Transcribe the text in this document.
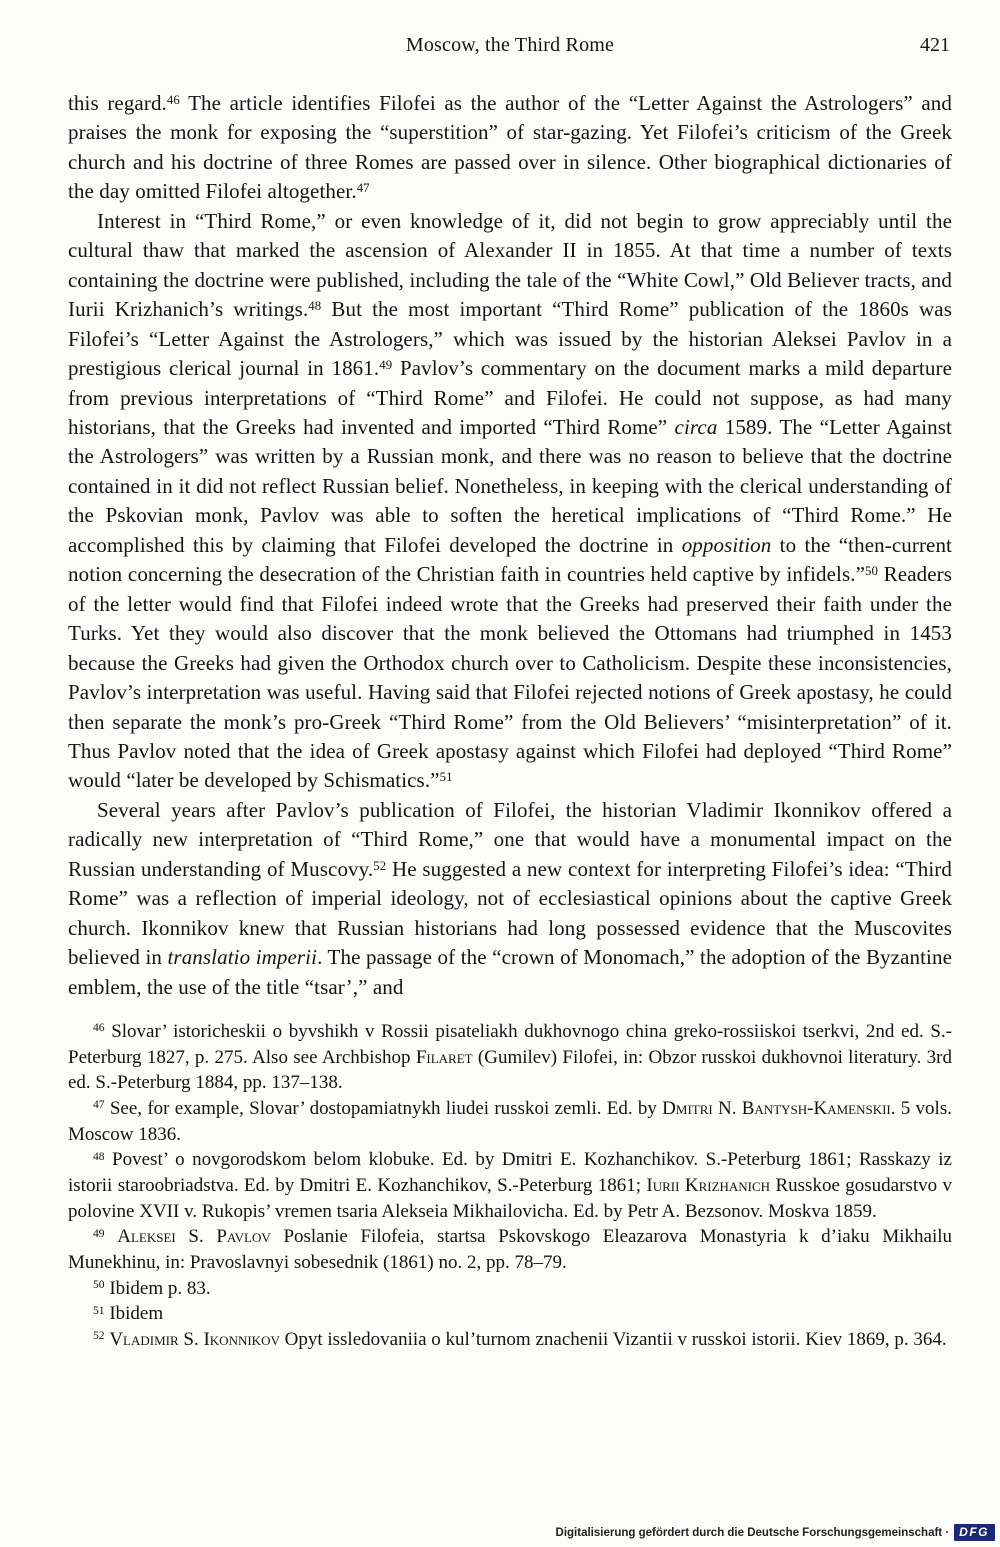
Moscow, the Third Rome	421

this regard.$^{46}$ The article identifies Filofei as the author of the “Letter Against the Astrologers” and praises the monk for exposing the “superstition” of star-gazing. Yet Filofei’s criticism of the Greek church and his doctrine of three Romes are passed over in silence. Other biographical dictionaries of the day omitted Filofei altogether.$^{47}$

Interest in “Third Rome,” or even knowledge of it, did not begin to grow appreciably until the cultural thaw that marked the ascension of Alexander II in 1855. At that time a number of texts containing the doctrine were published, including the tale of the “White Cowl,” Old Believer tracts, and Iurii Krizhanich’s writings.$^{48}$ But the most important “Third Rome” publication of the 1860s was Filofei’s “Letter Against the Astrologers,” which was issued by the historian Aleksei Pavlov in a prestigious clerical journal in 1861.49 Pavlov’s commentary on the document marks a mild departure from previous interpretations of “Third Rome” and Filofei. He could not suppose, as had many historians, that the Greeks had invented and imported “Third Rome” circa 1589. The “Letter Against the Astrologers” was written by a Russian monk, and there was no reason to believe that the doctrine contained in it did not reflect Russian belief. Nonetheless, in keeping with the clerical understanding of the Pskovian monk, Pavlov was able to soften the heretical implications of “Third Rome.” He accomplished this by claiming that Filofei developed the doctrine in opposition to the “then-current notion concerning the desecration of the Christian faith in countries held captive by infidels.”$^{50}$ Readers of the letter would find that Filofei indeed wrote that the Greeks had preserved their faith under the Turks. Yet they would also discover that the monk believed the Ottomans had triumphed in 1453 because the Greeks had given the Orthodox church over to Catholicism. Despite these inconsistencies, Pavlov’s interpretation was useful. Having said that Filofei rejected notions of Greek apostasy, he could then separate the monk’s pro-Greek “Third Rome” from the Old Believers’ “misinterpretation” of it. Thus Pavlov noted that the idea of Greek apostasy against which Filofei had deployed “Third Rome” would “later be developed by Schismatics.”$^{51}$

Several years after Pavlov’s publication of Filofei, the historian Vladimir Ikonnikov offered a radically new interpretation of “Third Rome,” one that would have a monumental impact on the Russian understanding of Muscovy.$^{52}$ He suggested a new context for interpreting Filofei’s idea: “Third Rome” was a reflection of imperial ideology, not of ecclesiastical opinions about the captive Greek church. Ikonnikov knew that Russian historians had long possessed evidence that the Muscovites believed in translatio imperii. The passage of the “crown of Monomach,” the adoption of the Byzantine emblem, the use of the title “tsar’,” and

$^{46}$ Slovar’ istoricheskii o byvshikh v Rossii pisateliakh dukhovnogo china greko-rossiiskoi tserkvi, 2nd ed. S.-Peterburg 1827, p. 275. Also see Archbishop Filaret (Gumilev) Filofei, in: Obzor russkoi dukhovnoi literatury. 3rd ed. S.-Peterburg 1884, pp. 137–138.

$^{47}$ See, for example, Slovar’ dostopamiatnykh liudei russkoi zemli. Ed. by Dmitri N. Bantysh-Kamenskii. 5 vols. Moscow 1836.

$^{48}$ Povest’ o novgorodskom belom klobuke. Ed. by Dmitri E. Kozhanchikov. S.-Peterburg 1861; Rasskazy iz istorii staroobriadstva. Ed. by Dmitri E. Kozhanchikov, S.-Peterburg 1861; Iurii Krizhanich Russkoe gosudarstvo v polovine XVII v. Rukopis’ vremen tsaria Alekseia Mikhailovicha. Ed. by Petr A. Bezsonov. Moskva 1859.

$^{49}$ Aleksei S. Pavlov Poslanie Filofeia, startsa Pskovskogo Eleazarova Monastyria k d’iaku Mikhailu Munekhinu, in: Pravoslavnyi sobesednik (1861) no. 2, pp. 78–79.

$^{50}$ Ibidem p. 83.

$^{51}$ Ibidem

$^{52}$ Vladimir S. Ikonnikov Opyt issledovaniia o kul’turnom znachenii Vizantii v russkoi istorii. Kiev 1869, p. 364.

Digitalisierung gefördert durch die Deutsche Forschungsgemeinschaft · DFG
